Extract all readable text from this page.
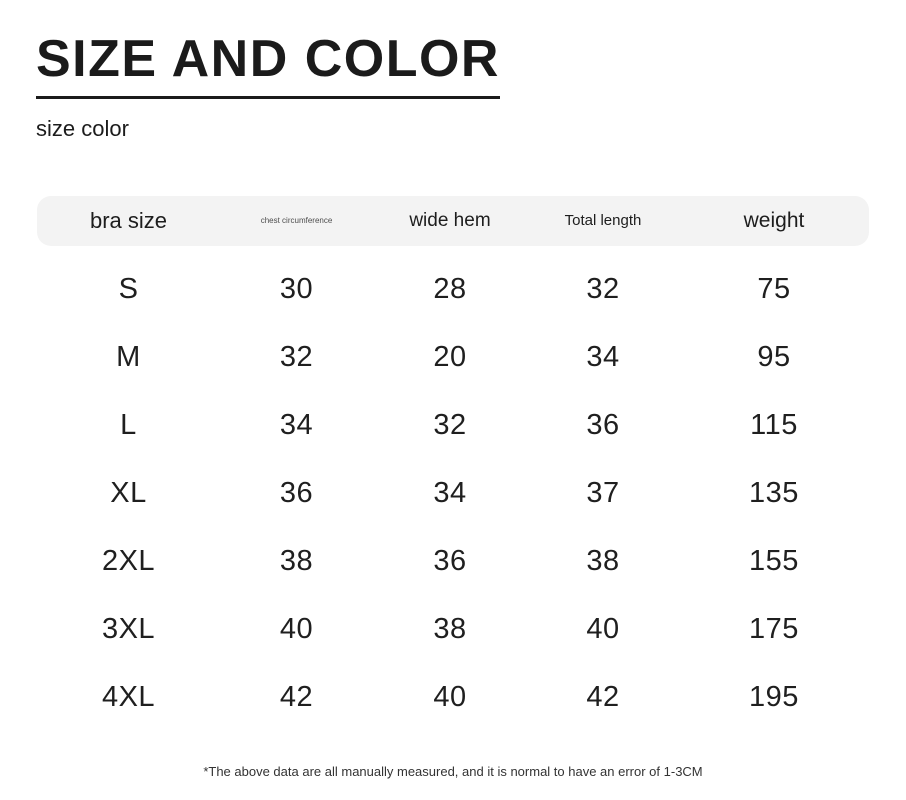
SIZE AND COLOR
size color
bra size	chest circumference	wide hem	Total length	weight
S	30	28	32	75
M	32	20	34	95
L	34	32	36	115
XL	36	34	37	135
2XL	38	36	38	155
3XL	40	38	40	175
4XL	42	40	42	195
*The above data are all manually measured, and it is normal to have an error of 1-3CM
